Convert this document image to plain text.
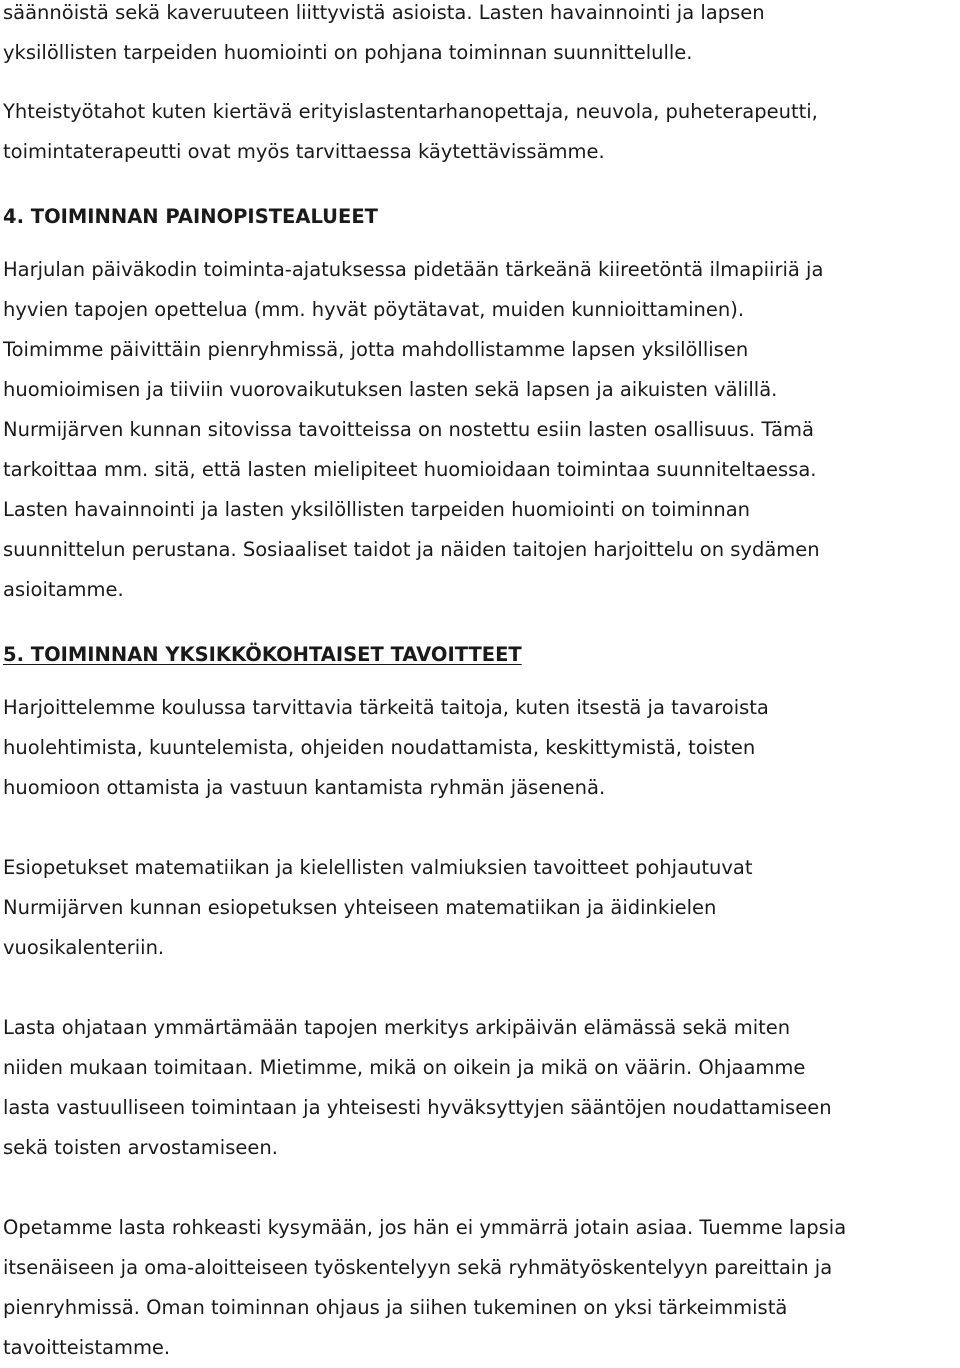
säännöistä sekä kaveruuteen liittyvistä asioista. Lasten havainnointi ja lapsen
yksilöllisten tarpeiden huomiointi on pohjana toiminnan suunnittelulle.
Yhteistyötahot kuten kiertävä erityislastentarhanopettaja, neuvola, puheterapeutti,
toimintaterapeutti ovat myös tarvittaessa käytettävissämme.
4. TOIMINNAN PAINOPISTEALUEET
Harjulan päiväkodin toiminta-ajatuksessa pidetään tärkeänä kiireetöntä ilmapiiriä ja
hyvien tapojen opettelua (mm. hyvät pöytätavat, muiden kunnioittaminen).
Toimimme päivittäin pienryhmissä, jotta mahdollistamme lapsen yksilöllisen
huomioimisen ja tiiviin vuorovaikutuksen lasten sekä lapsen ja aikuisten välillä.
Nurmijärven kunnan sitovissa tavoitteissa on nostettu esiin lasten osallisuus. Tämä
tarkoittaa mm. sitä, että lasten mielipiteet huomioidaan toimintaa suunniteltaessa.
Lasten havainnointi ja lasten yksilöllisten tarpeiden huomiointi on toiminnan
suunnittelun perustana. Sosiaaliset taidot ja näiden taitojen harjoittelu on sydämen
asioitamme.
5. TOIMINNAN YKSIKKÖKOHTAISET TAVOITTEET
Harjoittelemme koulussa tarvittavia tärkeitä taitoja, kuten itsestä ja tavaroista
huolehtimista, kuuntelemista, ohjeiden noudattamista, keskittymistä, toisten
huomioon ottamista ja vastuun kantamista ryhmän jäsenenä.
Esiopetukset matematiikan ja kielellisten valmiuksien tavoitteet pohjautuvat
Nurmijärven kunnan esiopetuksen yhteiseen matematiikan ja äidinkielen
vuosikalenteriin.
Lasta ohjataan ymmärtämään tapojen merkitys arkipäivän elämässä sekä miten
niiden mukaan toimitaan. Mietimme, mikä on oikein ja mikä on väärin. Ohjaamme
lasta vastuulliseen toimintaan ja yhteisesti hyväksyttyjen sääntöjen noudattamiseen
sekä toisten arvostamiseen.
Opetamme lasta rohkeasti kysymään, jos hän ei ymmärrä jotain asiaa. Tuemme lapsia
itsenäiseen ja oma-aloitteiseen työskentelyyn sekä ryhmätyöskentelyyn pareittain ja
pienryhmissä. Oman toiminnan ohjaus ja siihen tukeminen on yksi tärkeimmistä
tavoitteistamme.
